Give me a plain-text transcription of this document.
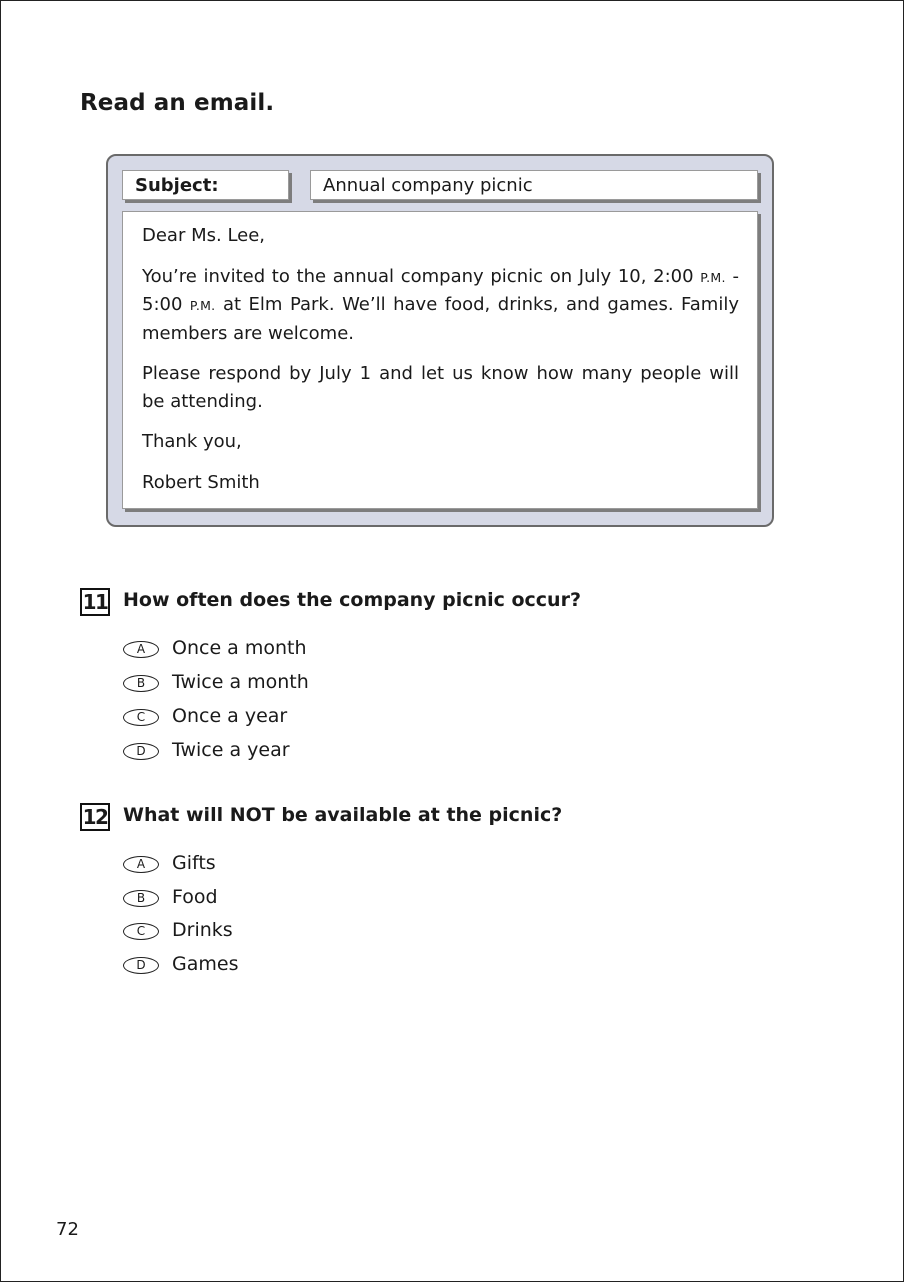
Read an email.
Subject:	Annual company picnic

Dear Ms. Lee,

You’re invited to the annual company picnic on July 10, 2:00 P.M. - 5:00 P.M. at Elm Park. We’ll have food, drinks, and games. Family members are welcome.

Please respond by July 1 and let us know how many people will be attending.

Thank you,

Robert Smith

11 How often does the company picnic occur?
A	Once a month
B	Twice a month
C	Once a year
D	Twice a year
12 What will NOT be available at the picnic?
A	Gifts
B	Food
C	Drinks
D	Games
72
